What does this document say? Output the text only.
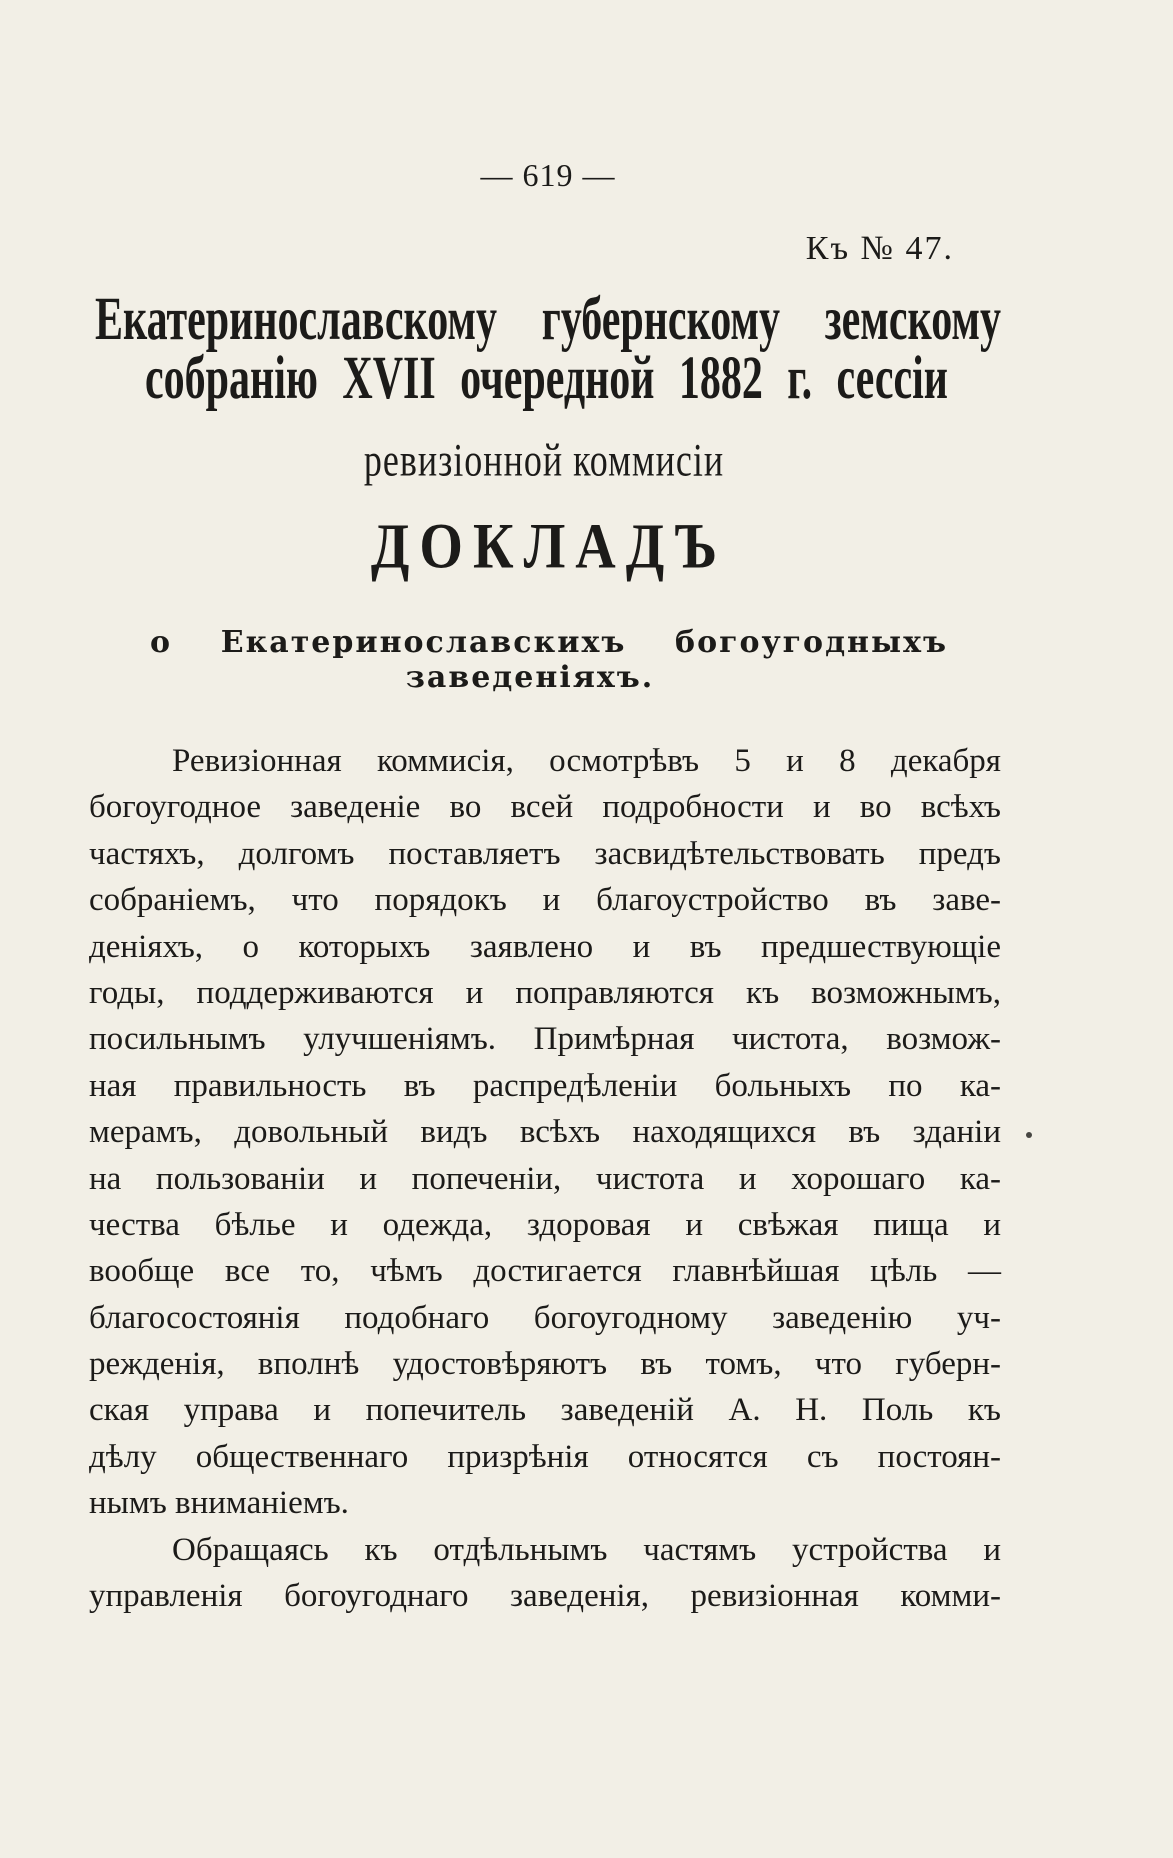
— 619 —
Къ № 47.
Екатеринославскому губернскому земскому
собранію XVII очередной 1882 г. сессіи
ревизіонной коммисіи
ДОКЛАДЪ
о Екатеринославскихъ богоугодныхъ
заведеніяхъ.
Ревизіонная коммисія, осмотрѣвъ 5 и 8 декабря
богоугодное заведеніе во всей подробности и во всѣхъ
частяхъ, долгомъ поставляетъ засвидѣтельствовать предъ
собраніемъ, что порядокъ и благоустройство въ заве-
деніяхъ, о которыхъ заявлено и въ предшествующіе
годы, поддерживаются и поправляются къ возможнымъ,
посильнымъ улучшеніямъ. Примѣрная чистота, возмож-
ная правильность въ распредѣленіи больныхъ по ка-
мерамъ, довольный видъ всѣхъ находящихся въ зданіи
на пользованіи и попеченіи, чистота и хорошаго ка-
чества бѣлье и одежда, здоровая и свѣжая пища и
вообще все то, чѣмъ достигается главнѣйшая цѣль —
благосостоянія подобнаго богоугодному заведенію уч-
режденія, вполнѣ удостовѣряютъ въ томъ, что губерн-
ская управа и попечитель заведеній А. Н. Поль къ
дѣлу общественнаго призрѣнія относятся съ постоян-
нымъ вниманіемъ.
Обращаясь къ отдѣльнымъ частямъ устройства и
управленія богоугоднаго заведенія, ревизіонная комми-
